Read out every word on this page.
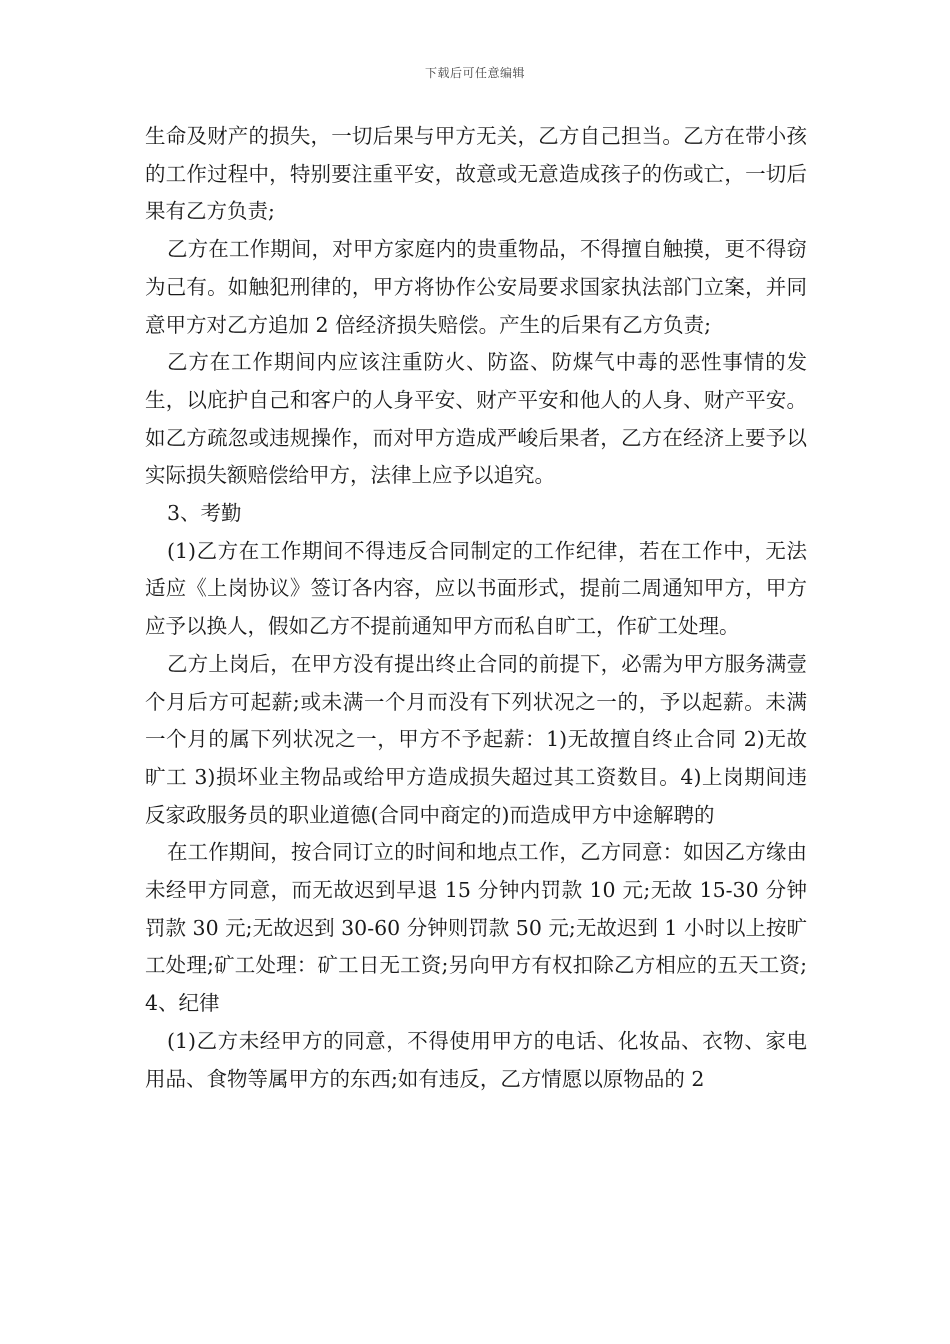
下载后可任意编辑

生命及财产的损失，一切后果与甲方无关，乙方自己担当。乙方在带小孩的工作过程中，特别要注重平安，故意或无意造成孩子的伤或亡，一切后果有乙方负责;

乙方在工作期间，对甲方家庭内的贵重物品，不得擅自触摸，更不得窃为己有。如触犯刑律的，甲方将协作公安局要求国家执法部门立案，并同意甲方对乙方追加 2 倍经济损失赔偿。产生的后果有乙方负责;

乙方在工作期间内应该注重防火、防盗、防煤气中毒的恶性事情的发生，以庇护自己和客户的人身平安、财产平安和他人的人身、财产平安。如乙方疏忽或违规操作，而对甲方造成严峻后果者，乙方在经济上要予以实际损失额赔偿给甲方，法律上应予以追究。

3、考勤

(1)乙方在工作期间不得违反合同制定的工作纪律，若在工作中，无法适应《上岗协议》签订各内容，应以书面形式，提前二周通知甲方，甲方应予以换人，假如乙方不提前通知甲方而私自旷工，作矿工处理。

乙方上岗后，在甲方没有提出终止合同的前提下，必需为甲方服务满壹个月后方可起薪;或未满一个月而没有下列状况之一的，予以起薪。未满一个月的属下列状况之一，甲方不予起薪：1)无故擅自终止合同 2)无故旷工 3)损坏业主物品或给甲方造成损失超过其工资数目。4)上岗期间违反家政服务员的职业道德(合同中商定的)而造成甲方中途解聘的

在工作期间，按合同订立的时间和地点工作，乙方同意：如因乙方缘由未经甲方同意，而无故迟到早退 15 分钟内罚款 10 元;无故 15-30 分钟罚款 30 元;无故迟到 30-60 分钟则罚款 50 元;无故迟到 1 小时以上按旷工处理;矿工处理：矿工日无工资;另向甲方有权扣除乙方相应的五天工资;　4、纪律

(1)乙方未经甲方的同意，不得使用甲方的电话、化妆品、衣物、家电用品、食物等属甲方的东西;如有违反，乙方情愿以原物品的 2
